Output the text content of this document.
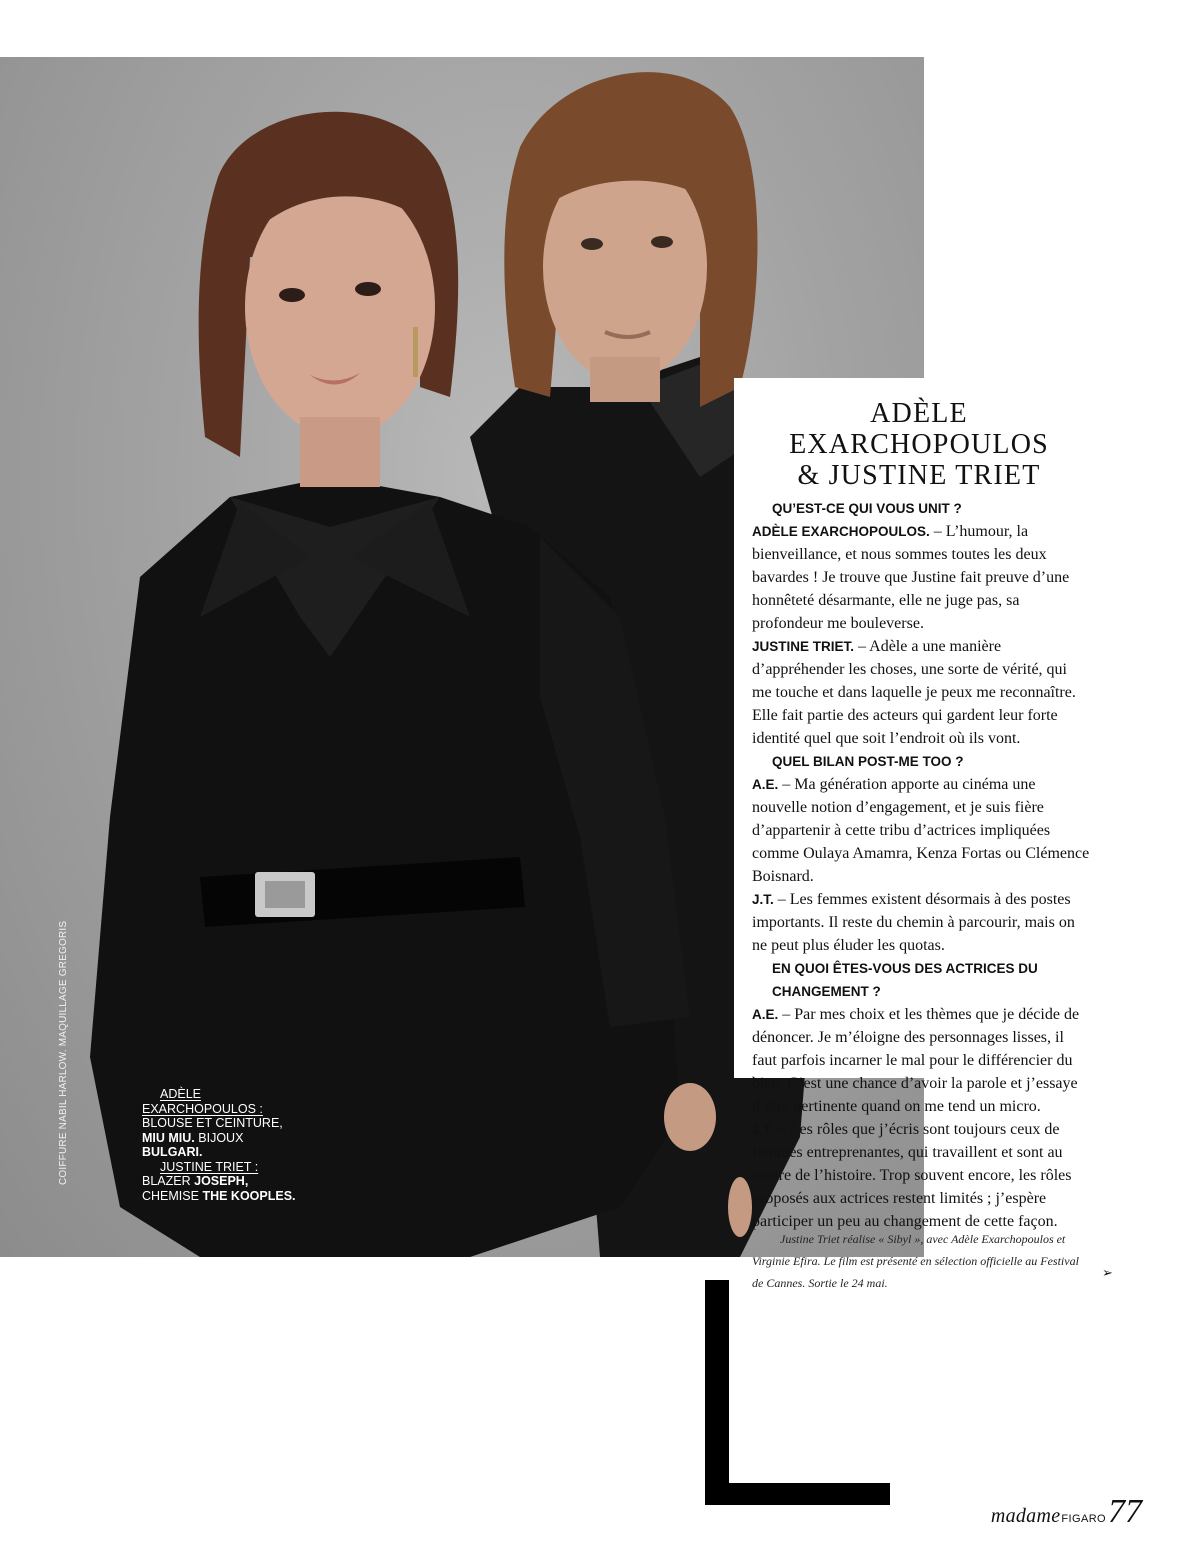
COIFFURE NABIL HARLOW. MAQUILLAGE GREGORIS	ADÈLE
EXARCHOPOULOS :
BLOUSE ET CEINTURE,
MIU MIU. BIJOUX
BULGARI.
JUSTINE TRIET :
BLAZER JOSEPH,
CHEMISE THE KOOPLES.
ADÈLE
EXARCHOPOULOS
& JUSTINE TRIET

QU’EST-CE QUI VOUS UNIT ?

ADÈLE EXARCHOPOULOS. – L’humour, la bienveillance, et nous sommes toutes les deux bavardes ! Je trouve que Justine fait preuve d’une honnêteté désarmante, elle ne juge pas, sa profondeur me bouleverse.

JUSTINE TRIET. – Adèle a une manière d’appréhender les choses, une sorte de vérité, qui me touche et dans laquelle je peux me reconnaître. Elle fait partie des acteurs qui gardent leur forte identité quel que soit l’endroit où ils vont.

QUEL BILAN POST-ME TOO ?

A.E. – Ma génération apporte au cinéma une nouvelle notion d’engagement, et je suis fière d’appartenir à cette tribu d’actrices impliquées comme Oulaya Amamra, Kenza Fortas ou Clémence Boisnard.

J.T. – Les femmes existent désormais à des postes importants. Il reste du chemin à parcourir, mais on ne peut plus éluder les quotas.

EN QUOI ÊTES-VOUS DES ACTRICES DU CHANGEMENT ?

A.E. – Par mes choix et les thèmes que je décide de dénoncer. Je m’éloigne des personnages lisses, il faut parfois incarner le mal pour le différencier du bien. C’est une chance d’avoir la parole et j’essaye d’être pertinente quand on me tend un micro.

J.T. – Les rôles que j’écris sont toujours ceux de femmes entreprenantes, qui travaillent et sont au centre de l’histoire. Trop souvent encore, les rôles proposés aux actrices restent limités ; j’espère participer un peu au changement de cette façon.

Justine Triet réalise « Sibyl », avec Adèle Exarchopoulos et Virginie Efira. Le film est présenté en sélection officielle au Festival de Cannes. Sortie le 24 mai.
➢
madame FIGARO 77
